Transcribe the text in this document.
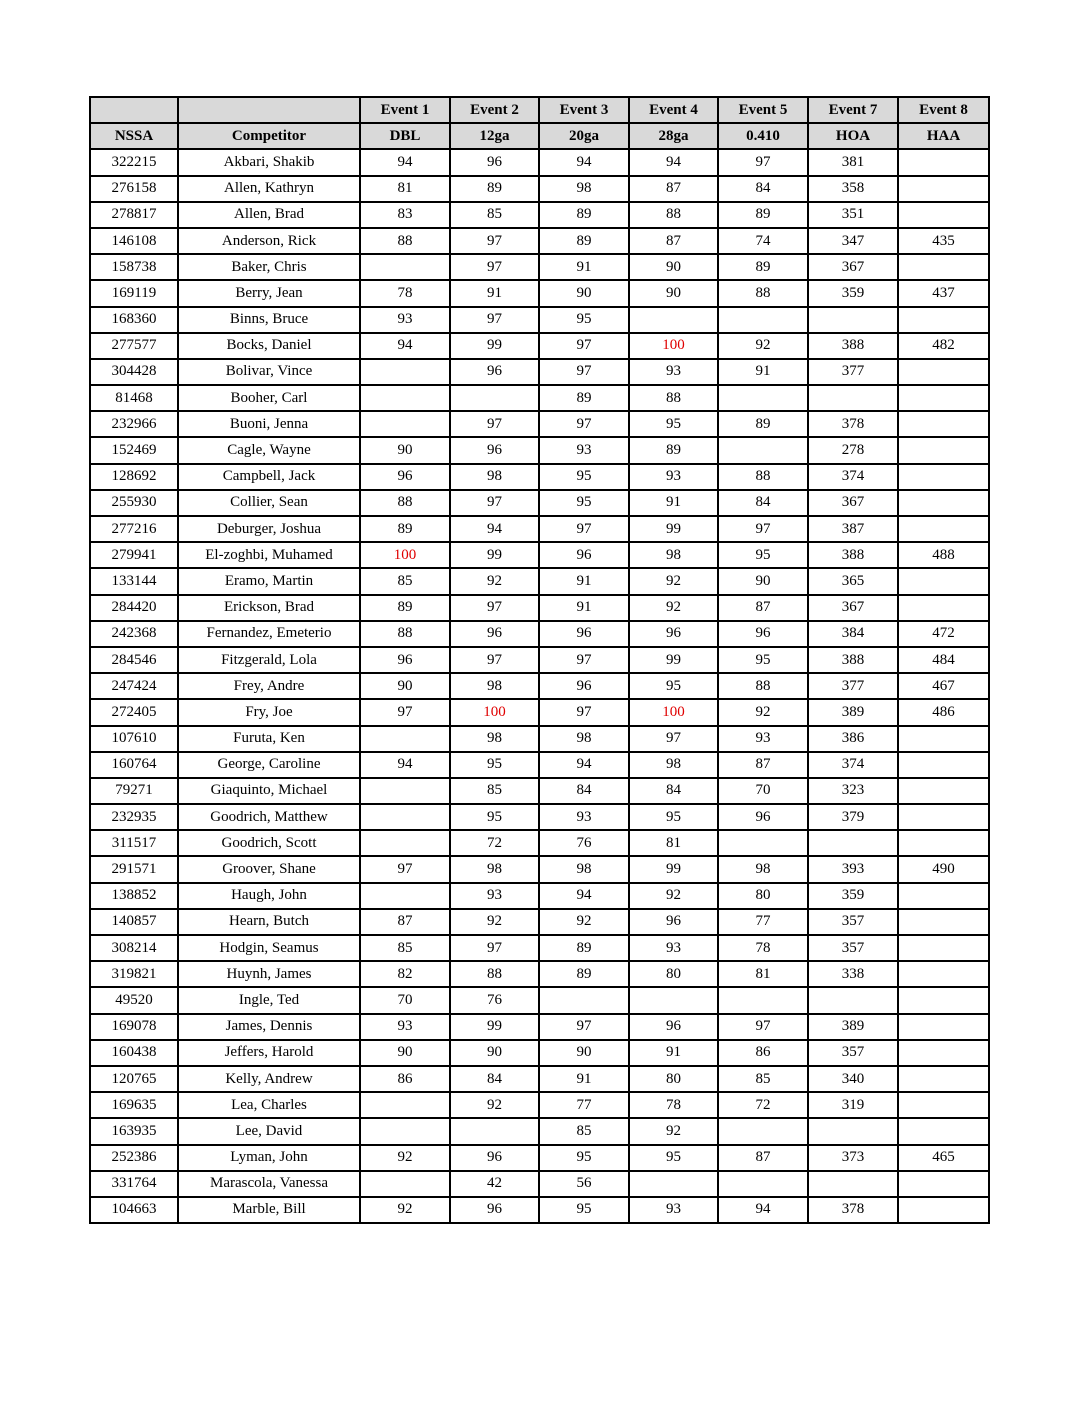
		Event 1	Event 2	Event 3	Event 4	Event 5	Event 7	Event 8
NSSA	Competitor	DBL	12ga	20ga	28ga	0.410	HOA	HAA
322215	Akbari, Shakib	94	96	94	94	97	381	
276158	Allen, Kathryn	81	89	98	87	84	358	
278817	Allen, Brad	83	85	89	88	89	351	
146108	Anderson, Rick	88	97	89	87	74	347	435
158738	Baker, Chris		97	91	90	89	367	
169119	Berry, Jean	78	91	90	90	88	359	437
168360	Binns, Bruce	93	97	95				
277577	Bocks, Daniel	94	99	97	100	92	388	482
304428	Bolivar, Vince		96	97	93	91	377	
81468	Booher, Carl			89	88			
232966	Buoni, Jenna		97	97	95	89	378	
152469	Cagle, Wayne	90	96	93	89		278	
128692	Campbell, Jack	96	98	95	93	88	374	
255930	Collier, Sean	88	97	95	91	84	367	
277216	Deburger, Joshua	89	94	97	99	97	387	
279941	El-zoghbi, Muhamed	100	99	96	98	95	388	488
133144	Eramo, Martin	85	92	91	92	90	365	
284420	Erickson, Brad	89	97	91	92	87	367	
242368	Fernandez, Emeterio	88	96	96	96	96	384	472
284546	Fitzgerald, Lola	96	97	97	99	95	388	484
247424	Frey, Andre	90	98	96	95	88	377	467
272405	Fry, Joe	97	100	97	100	92	389	486
107610	Furuta, Ken		98	98	97	93	386	
160764	George, Caroline	94	95	94	98	87	374	
79271	Giaquinto, Michael		85	84	84	70	323	
232935	Goodrich, Matthew		95	93	95	96	379	
311517	Goodrich, Scott		72	76	81			
291571	Groover, Shane	97	98	98	99	98	393	490
138852	Haugh, John		93	94	92	80	359	
140857	Hearn, Butch	87	92	92	96	77	357	
308214	Hodgin, Seamus	85	97	89	93	78	357	
319821	Huynh, James	82	88	89	80	81	338	
49520	Ingle, Ted	70	76					
169078	James, Dennis	93	99	97	96	97	389	
160438	Jeffers, Harold	90	90	90	91	86	357	
120765	Kelly, Andrew	86	84	91	80	85	340	
169635	Lea, Charles		92	77	78	72	319	
163935	Lee, David			85	92			
252386	Lyman, John	92	96	95	95	87	373	465
331764	Marascola, Vanessa		42	56				
104663	Marble, Bill	92	96	95	93	94	378	
